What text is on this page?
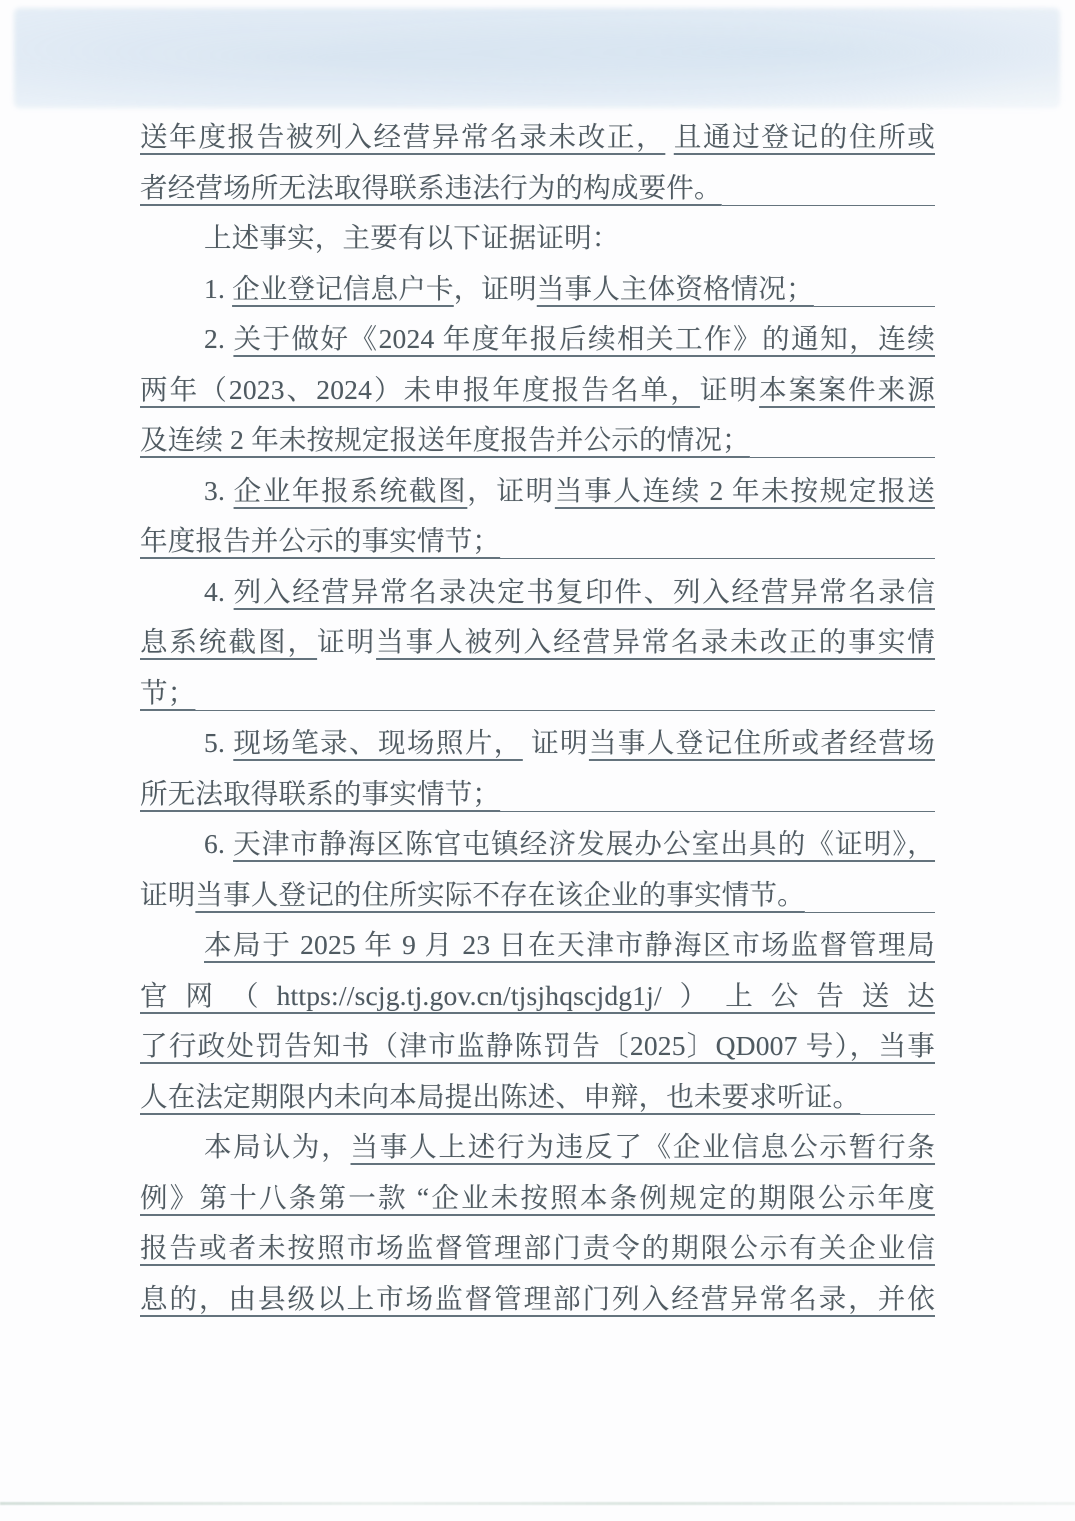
送年度报告被列入经营异常名录未改正， 且通过登记的住所或
者经营场所无法取得联系违法行为的构成要件。
上述事实，主要有以下证据证明：
1. 企业登记信息户卡 ，证明 当事人主体资格情况；
2. 关于做好《2024 年度年报后续相关工作》的通知，连续
两年（2023、2024）未申报年度报告名单，证明本案案件来源
及连续 2 年未按规定报送年度报告并公示的情况；
3. 企业年报系统截图，证明当事人连续 2 年未按规定报送
年度报告并公示的事实情节；
4. 列入经营异常名录决定书复印件、列入经营异常名录信
息系统截图，证明当事人被列入经营异常名录未改正的事实情
节；
5. 现场笔录、现场照片， 证明当事人登记住所或者经营场
所无法取得联系的事实情节；
6. 天津市静海区陈官屯镇经济发展办公室出具的《证明》，
证明 当事人登记的住所实际不存在该企业的事实情节。
本局于 2025 年 9 月 23 日在天津市静海区市场监督管理局
官网（https://scjg.tj.gov.cn/tjsjhqscjdg1j/）上公告送达
了行政处罚告知书（津市监静陈罚告〔2025〕QD007 号），当事
人在法定期限内未向本局提出陈述、申辩，也未要求听证。
本局认为，当事人上述行为违反了《企业信息公示暂行条
例》第十八条第一款 “企业未按照本条例规定的期限公示年度
报告或者未按照市场监督管理部门责令的期限公示有关企业信
息的，由县级以上市场监督管理部门列入经营异常名录，并依
